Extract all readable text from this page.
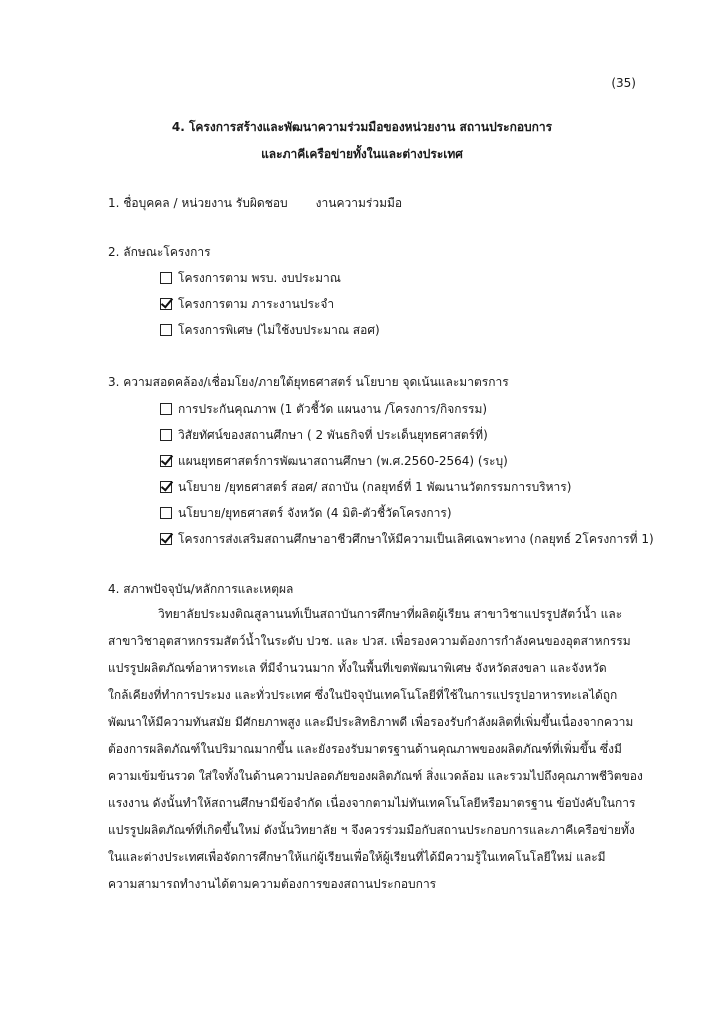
(35)
4. โครงการสร้างและพัฒนาความร่วมมือของหน่วยงาน สถานประกอบการ
และภาคีเครือข่ายทั้งในและต่างประเทศ
1. ชื่อบุคคล / หน่วยงาน รับผิดชอบ งานความร่วมมือ
2. ลักษณะโครงการ
โครงการตาม พรบ. งบประมาณ
โครงการตาม ภาระงานประจำ
โครงการพิเศษ (ไม่ใช้งบประมาณ สอศ)
3. ความสอดคล้อง/เชื่อมโยง/ภายใต้ยุทธศาสตร์ นโยบาย จุดเน้นและมาตรการ
การประกันคุณภาพ (1 ตัวชี้วัด แผนงาน /โครงการ/กิจกรรม)
วิสัยทัศน์ของสถานศึกษา ( 2 พันธกิจที่ ประเด็นยุทธศาสตร์ที่)
แผนยุทธศาสตร์การพัฒนาสถานศึกษา (พ.ศ.2560-2564) (ระบุ)
นโยบาย /ยุทธศาสตร์ สอศ/ สถาบัน (กลยุทธ์ที่ 1 พัฒนานวัตกรรมการบริหาร)
นโยบาย/ยุทธศาสตร์ จังหวัด (4 มิติ-ตัวชี้วัดโครงการ)
โครงการส่งเสริมสถานศึกษาอาชีวศึกษาให้มีความเป็นเลิศเฉพาะทาง (กลยุทธ์ 2โครงการที่ 1)
4. สภาพปัจจุบัน/หลักการและเหตุผล

วิทยาลัยประมงติณสูลานนท์เป็นสถาบันการศึกษาที่ผลิตผู้เรียน สาขาวิชาแปรรูปสัตว์น้ำ และ

สาขาวิชาอุตสาหกรรมสัตว์น้ำในระดับ ปวช. และ ปวส. เพื่อรองความต้องการกำลังคนของอุตสาหกรรม

แปรรูปผลิตภัณฑ์อาหารทะเล ที่มีจำนวนมาก ทั้งในพื้นที่เขตพัฒนาพิเศษ จังหวัดสงขลา และจังหวัด

ใกล้เคียงที่ทำการประมง และทั่วประเทศ ซึ่งในปัจจุบันเทคโนโลยีที่ใช้ในการแปรรูปอาหารทะเลได้ถูก

พัฒนาให้มีความทันสมัย มีศักยภาพสูง และมีประสิทธิภาพดี เพื่อรองรับกำลังผลิตที่เพิ่มขึ้นเนื่องจากความ

ต้องการผลิตภัณฑ์ในปริมาณมากขึ้น และยังรองรับมาตรฐานด้านคุณภาพของผลิตภัณฑ์ที่เพิ่มขึ้น ซึ่งมี

ความเข้มข้นรวด ใส่ใจทั้งในด้านความปลอดภัยของผลิตภัณฑ์ สิ่งแวดล้อม และรวมไปถึงคุณภาพชีวิตของ

แรงงาน ดังนั้นทำให้สถานศึกษามีข้อจำกัด เนื่องจากตามไม่ทันเทคโนโลยีหรือมาตรฐาน ข้อบังคับในการ

แปรรูปผลิตภัณฑ์ที่เกิดขึ้นใหม่ ดังนั้นวิทยาลัย ฯ จึงควรร่วมมือกับสถานประกอบการและภาคีเครือข่ายทั้ง

ในและต่างประเทศเพื่อจัดการศึกษาให้แก่ผู้เรียนเพื่อให้ผู้เรียนที่ได้มีความรู้ในเทคโนโลยีใหม่ และมี

ความสามารถทำงานได้ตามความต้องการของสถานประกอบการ
